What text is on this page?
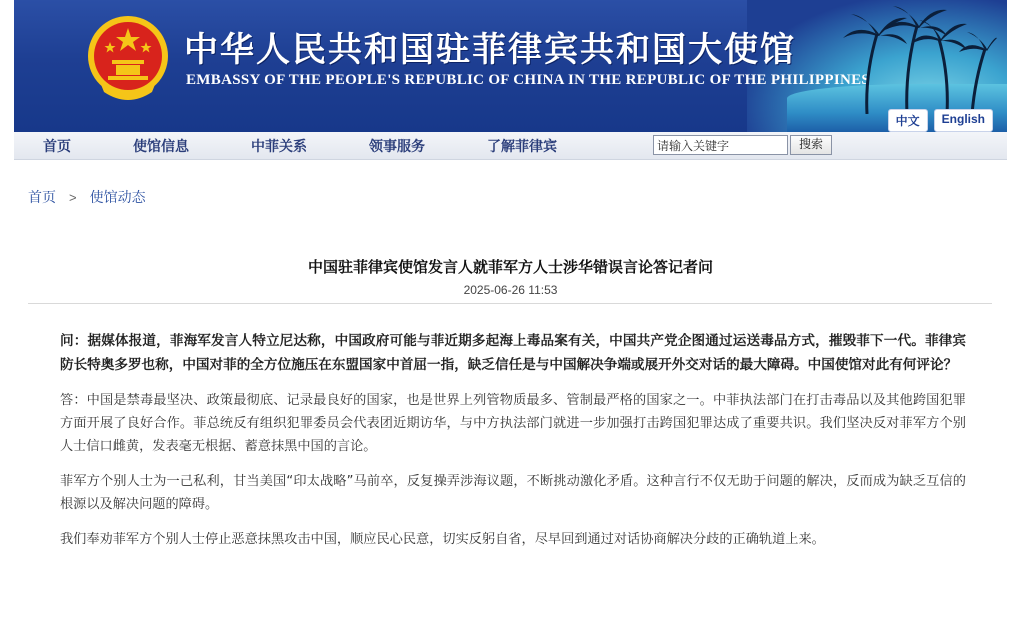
中华人民共和国驻菲律宾共和国大使馆
EMBASSY OF THE PEOPLE'S REPUBLIC OF CHINA IN THE REPUBLIC OF THE PHILIPPINES
中文	English
首页	使馆信息	中菲关系	领事服务	了解菲律宾	请输入关键字	搜索
首页 > 使馆动态
中国驻菲律宾使馆发言人就菲军方人士涉华错误言论答记者问
2025-06-26 11:53

问：据媒体报道，菲海军发言人特立尼达称，中国政府可能与菲近期多起海上毒品案有关，中国共产党企图通过运送毒品方式，摧毁菲下一代。菲律宾防长特奥多罗也称，中国对菲的全方位施压在东盟国家中首屈一指，缺乏信任是与中国解决争端或展开外交对话的最大障碍。中国使馆对此有何评论？

答：中国是禁毒最坚决、政策最彻底、记录最良好的国家，也是世界上列管物质最多、管制最严格的国家之一。中菲执法部门在打击毒品以及其他跨国犯罪方面开展了良好合作。菲总统反有组织犯罪委员会代表团近期访华，与中方执法部门就进一步加强打击跨国犯罪达成了重要共识。我们坚决反对菲军方个别人士信口雌黄，发表毫无根据、蓄意抹黑中国的言论。

菲军方个别人士为一己私利，甘当美国“印太战略”马前卒，反复操弄涉海议题，不断挑动激化矛盾。这种言行不仅无助于问题的解决，反而成为缺乏互信的根源以及解决问题的障碍。

我们奉劝菲军方个别人士停止恶意抹黑攻击中国，顺应民心民意，切实反躬自省，尽早回到通过对话协商解决分歧的正确轨道上来。
